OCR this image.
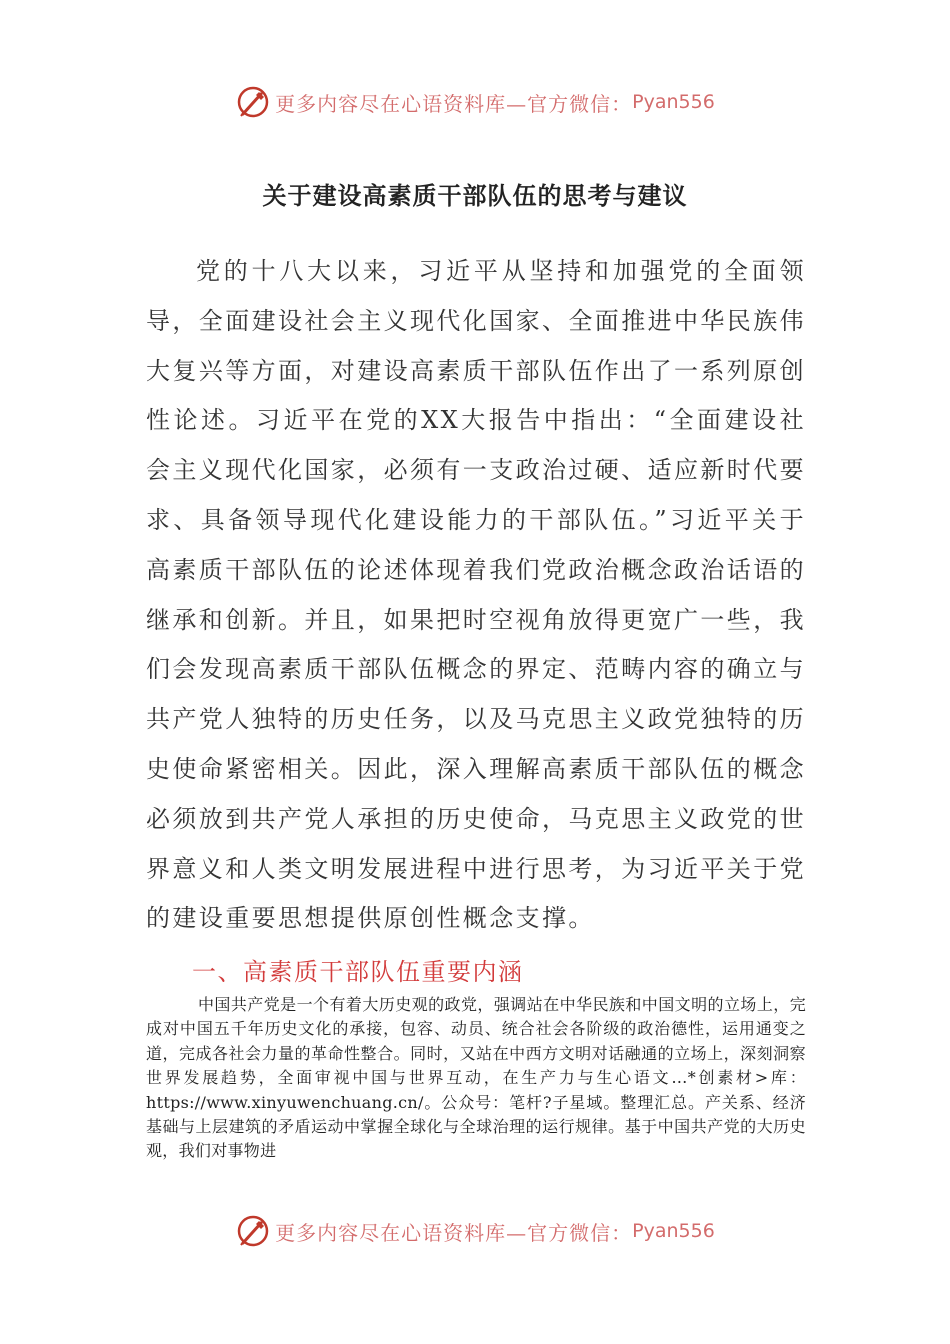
更多内容尽在心语资料库—官方微信： Pyan556
关于建设高素质干部队伍的思考与建议
党的十八大以来，习近平从坚持和加强党的全面领导，全面建设社会主义现代化国家、全面推进中华民族伟大复兴等方面，对建设高素质干部队伍作出了一系列原创性论述。习近平在党的XX大报告中指出：“全面建设社会主义现代化国家，必须有一支政治过硬、适应新时代要求、具备领导现代化建设能力的干部队伍。”习近平关于高素质干部队伍的论述体现着我们党政治概念政治话语的继承和创新。并且，如果把时空视角放得更宽广一些，我们会发现高素质干部队伍概念的界定、范畴内容的确立与共产党人独特的历史任务，以及马克思主义政党独特的历史使命紧密相关。因此，深入理解高素质干部队伍的概念必须放到共产党人承担的历史使命，马克思主义政党的世界意义和人类文明发展进程中进行思考，为习近平关于党的建设重要思想提供原创性概念支撑。
一、高素质干部队伍重要内涵
中国共产党是一个有着大历史观的政党，强调站在中华民族和中国文明的立场上，完成对中国五千年历史文化的承接，包容、动员、统合社会各阶级的政治德性，运用通变之道，完成各社会力量的革命性整合。同时，又站在中西方文明对话融通的立场上，深刻洞察世界发展趋势，全面审视中国与世界互动，在生产力与生心语文…*创素材>库：https://www.xinyuwenchuang.cn/。公众号：笔杆?子星域。整理汇总。产关系、经济基础与上层建筑的矛盾运动中掌握全球化与全球治理的运行规律。基于中国共产党的大历史观，我们对事物进
更多内容尽在心语资料库—官方微信： Pyan556
